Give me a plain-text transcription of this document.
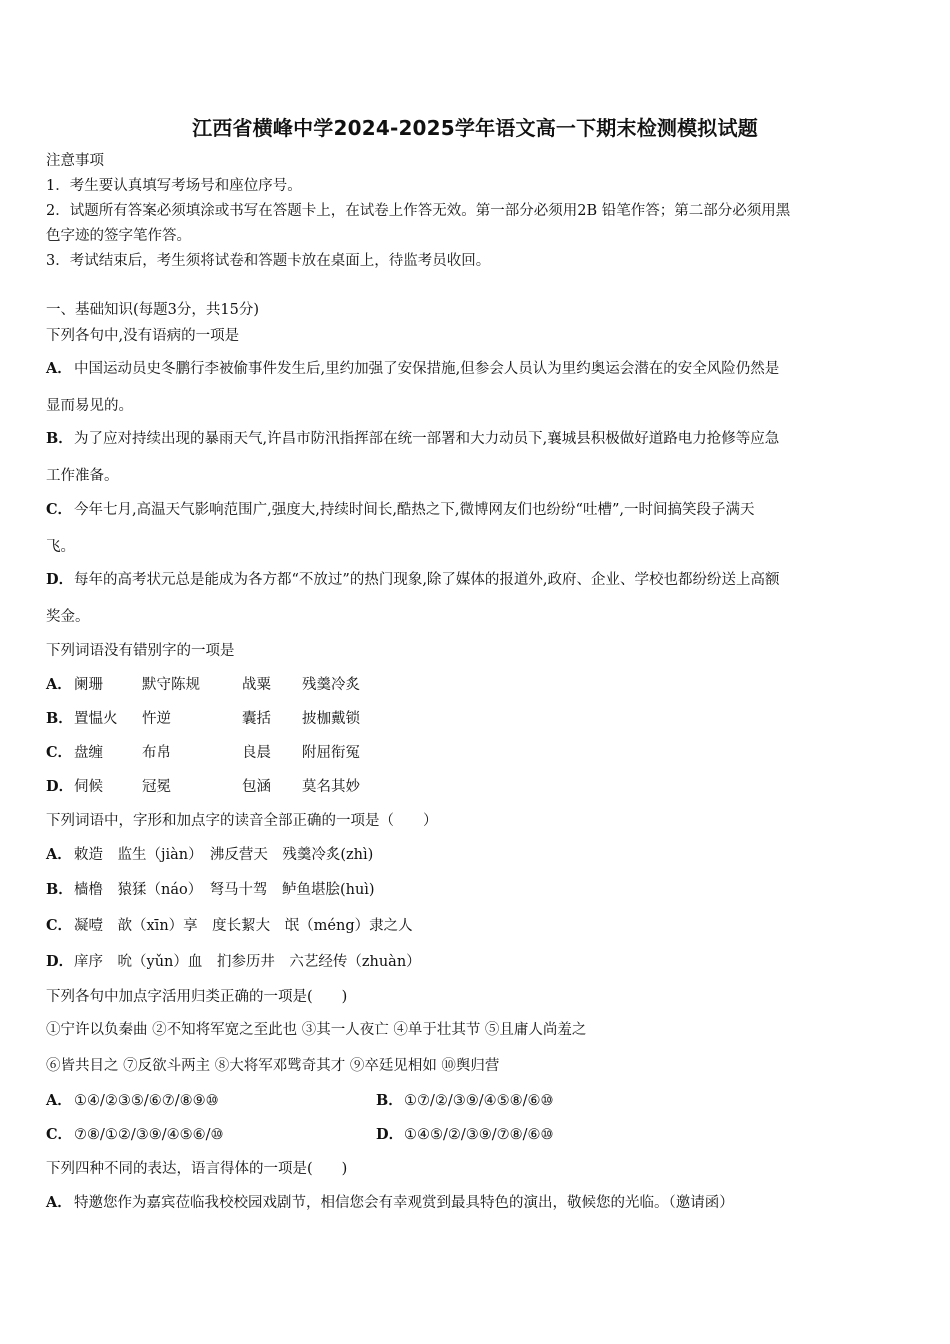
江西省横峰中学2024-2025学年语文高一下期末检测模拟试题
注意事项
1．考生要认真填写考场号和座位序号。
2．试题所有答案必须填涂或书写在答题卡上，在试卷上作答无效。第一部分必须用2B 铅笔作答；第二部分必须用黑
色字迹的签字笔作答。
3．考试结束后，考生须将试卷和答题卡放在桌面上，待监考员收回。
一、基础知识(每题3分，共15分)
下列各句中,没有语病的一项是
A． 中国运动员史冬鹏行李被偷事件发生后,里约加强了安保措施,但参会人员认为里约奥运会潜在的安全风险仍然是
显而易见的。
B．为了应对持续出现的暴雨天气,许昌市防汛指挥部在统一部署和大力动员下,襄城县积极做好道路电力抢修等应急
工作准备。
C． 今年七月,高温天气影响范围广,强度大,持续时间长,酷热之下,微博网友们也纷纷“吐槽”,一时间搞笑段子满天
飞。
D．每年的高考状元总是能成为各方都“不放过”的热门现象,除了媒体的报道外,政府、企业、学校也都纷纷送上高额
奖金。
下列词语没有错别字的一项是
A． 阑珊	默守陈规	战粟 残羹冷炙
B．置愠火 忤逆	囊括 披枷戴锁
C． 盘缠	布帛	良晨 附屈衔冤
D．伺候	冠冕	包涵 莫名其妙
下列词语中，字形和加点字的读音全部正确的一项是（　　）
A． 敕造　监生（jiàn）　沸反营天　残羹冷炙(zhì)
B．樯橹　猿猱（náo）　弩马十驾　鲈鱼堪脍(huì)
C． 凝噎　歆（xīn）享　度长絜大　氓（méng）隶之人
D．庠序　吮（yǔn）血　扪参历井　六艺经传（zhuàn）
下列各句中加点字活用归类正确的一项是(　　)
①宁许以负秦曲 ②不知将军宽之至此也 ③其一人夜亡 ④单于壮其节 ⑤且庸人尚羞之
⑥皆共目之 ⑦反欲斗两主 ⑧大将军邓骘奇其才 ⑨卒廷见相如 ⑩舆归营
A． ①④/②③⑤/⑥⑦/⑧⑨⑩	B．①⑦/②/③⑨/④⑤⑧/⑥⑩
C． ⑦⑧/①②/③⑨/④⑤⑥/⑩	D．①④⑤/②/③⑨/⑦⑧/⑥⑩
下列四种不同的表达，语言得体的一项是(　　)
A． 特邀您作为嘉宾莅临我校校园戏剧节，相信您会有幸观赏到最具特色的演出，敬候您的光临。（邀请函）
